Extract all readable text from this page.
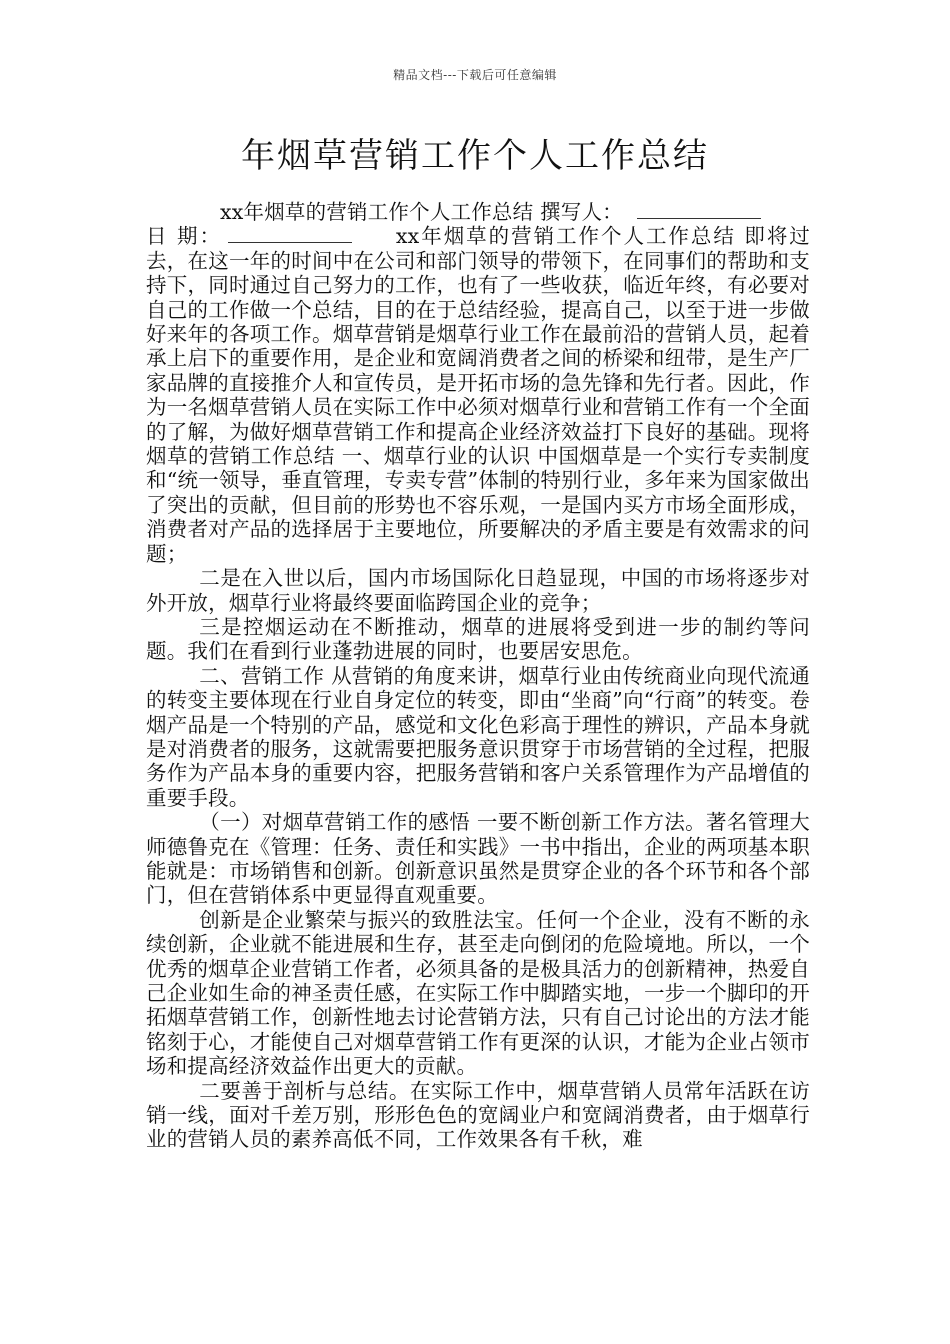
精品文档---下载后可任意编辑
年烟草营销工作个人工作总结

xx年烟草的营销工作个人工作总结 撰写人：
日 期：	xx年烟草的营销工作个人工作总结 即将过去，在这一年的时间中在公司和部门领导的带领下，在同事们的帮助和支持下，同时通过自己努力的工作，也有了一些收获，临近年终，有必要对自己的工作做一个总结，目的在于总结经验，提高自己，以至于进一步做好来年的各项工作。烟草营销是烟草行业工作在最前沿的营销人员，起着承上启下的重要作用，是企业和宽阔消费者之间的桥梁和纽带，是生产厂家品牌的直接推介人和宣传员，是开拓市场的急先锋和先行者。因此，作为一名烟草营销人员在实际工作中必须对烟草行业和营销工作有一个全面的了解，为做好烟草营销工作和提高企业经济效益打下良好的基础。现将烟草的营销工作总结 一、烟草行业的认识 中国烟草是一个实行专卖制度和“统一领导，垂直管理，专卖专营”体制的特别行业，多年来为国家做出了突出的贡献，但目前的形势也不容乐观，一是国内买方市场全面形成，消费者对产品的选择居于主要地位，所要解决的矛盾主要是有效需求的问题；

二是在入世以后，国内市场国际化日趋显现，中国的市场将逐步对外开放，烟草行业将最终要面临跨国企业的竞争；

三是控烟运动在不断推动，烟草的进展将受到进一步的制约等问题。我们在看到行业蓬勃进展的同时，也要居安思危。

二、营销工作 从营销的角度来讲，烟草行业由传统商业向现代流通的转变主要体现在行业自身定位的转变，即由“坐商”向“行商”的转变。卷烟产品是一个特别的产品，感觉和文化色彩高于理性的辨识，产品本身就是对消费者的服务，这就需要把服务意识贯穿于市场营销的全过程，把服务作为产品本身的重要内容，把服务营销和客户关系管理作为产品增值的重要手段。

（一）对烟草营销工作的感悟 一要不断创新工作方法。著名管理大师德鲁克在《管理：任务、责任和实践》一书中指出，企业的两项基本职能就是：市场销售和创新。创新意识虽然是贯穿企业的各个环节和各个部门，但在营销体系中更显得直观重要。

创新是企业繁荣与振兴的致胜法宝。任何一个企业，没有不断的永续创新，企业就不能进展和生存，甚至走向倒闭的危险境地。所以，一个优秀的烟草企业营销工作者，必须具备的是极具活力的创新精神，热爱自己企业如生命的神圣责任感，在实际工作中脚踏实地，一步一个脚印的开拓烟草营销工作，创新性地去讨论营销方法，只有自己讨论出的方法才能铭刻于心，才能使自己对烟草营销工作有更深的认识，才能为企业占领市场和提高经济效益作出更大的贡献。

二要善于剖析与总结。在实际工作中，烟草营销人员常年活跃在访销一线，面对千差万别，形形色色的宽阔业户和宽阔消费者，由于烟草行业的营销人员的素养高低不同，工作效果各有千秋，难
